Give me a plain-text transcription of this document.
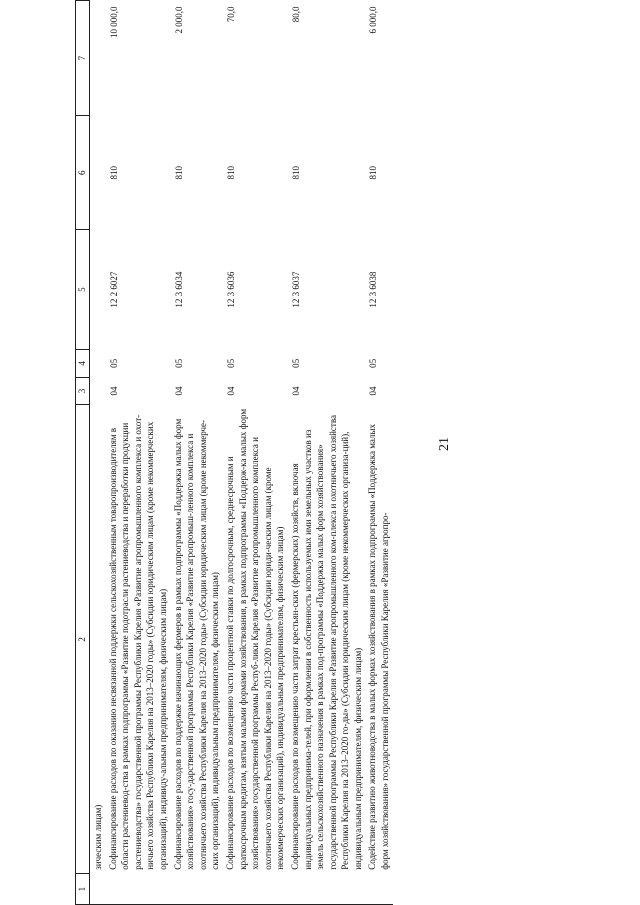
21
1	2	3	4	5	6	7
	зическим лицам)					
	Софинансирование расходов по оказанию несвязанной поддержки сельскохозяйственным товаропроизводителям в области растениевод-ства в рамках подпрограммы «Развитие подотрасли растениеводства и переработки продукции растениеводства» государственной программы Республики Карелия «Развитие агропромышленного комплекса и охот-ничьего хозяйства Республики Карелия на 2013–2020 годы» (Субсидии юридическим лицам (кроме некоммерческих организаций), индивиду-альным предпринимателям, физическим лицам)	04	05	12 2 6027	810	10 000,0
	Софинансирование расходов по поддержке начинающих фермеров в рамках подпрограммы «Поддержка малых форм хозяйствования» госу-дарственной программы Республики Карелия «Развитие агропромыш-ленного комплекса и охотничьего хозяйства Республики Карелия на 2013–2020 годы» (Субсидии юридическим лицам (кроме некоммерче-ских организаций), индивидуальным предпринимателям, физическим лицам)	04	05	12 3 6034	810	2 000,0
	Софинансирование расходов по возмещению части процентной ставки по долгосрочным, среднесрочным и краткосрочным кредитам, взятым малыми формами хозяйствования, в рамках подпрограммы «Поддерж-ка малых форм хозяйствования» государственной программы Респуб-лики Карелия «Развитие агропромышленного комплекса и охотничьего хозяйства Республики Карелия на 2013–2020 годы» (Субсидии юриди-ческим лицам (кроме некоммерческих организаций), индивидуальным предпринимателям, физическим лицам)	04	05	12 3 6036	810	70,0
	Софинансирование расходов по возмещению части затрат крестьян-ских (фермерских) хозяйств, включая индивидуальных предпринима-телей, при оформлении в собственность используемых ими земельных участков из земель сельскохозяйственного назначения в рамках под-программы «Поддержка малых форм хозяйствования» государственной программы Республики Карелия «Развитие агропромышленного ком-плекса и охотничьего хозяйства Республики Карелия на 2013–2020 го-ды» (Субсидии юридическим лицам (кроме некоммерческих организа-ций), индивидуальным предпринимателям, физическим лицам)	04	05	12 3 6037	810	80,0
	Содействие развитию животноводства в малых формах хозяйствования в рамках подпрограммы «Поддержка малых форм хозяйствования» государственной программы Республики Карелия «Развитие агропро-	04	05	12 3 6038	810	6 000,0
